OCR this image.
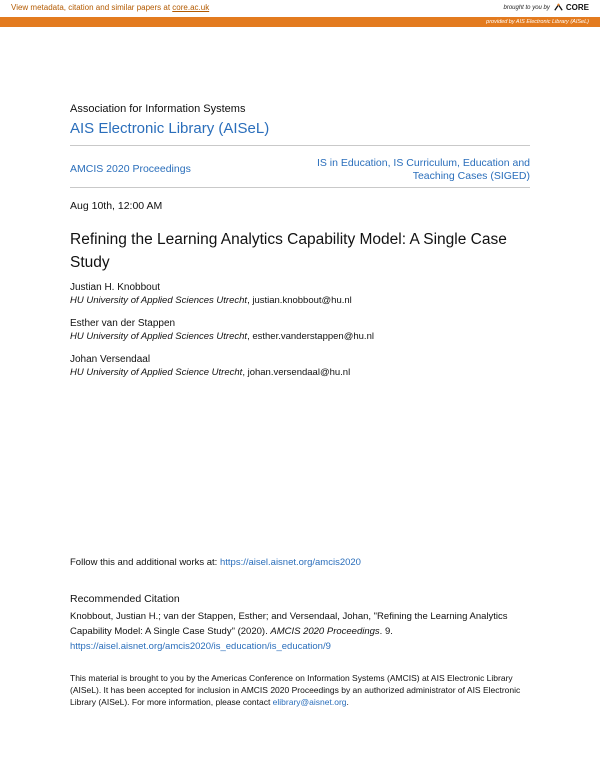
View metadata, citation and similar papers at core.ac.uk	brought to you by CORE
provided by AIS Electronic Library (AISeL)
Association for Information Systems
AIS Electronic Library (AISeL)
AMCIS 2020 Proceedings	IS in Education, IS Curriculum, Education and
Teaching Cases (SIGED)
Aug 10th, 12:00 AM
Refining the Learning Analytics Capability Model: A Single Case Study
Justian H. Knobbout
HU University of Applied Sciences Utrecht, justian.knobbout@hu.nl
Esther van der Stappen
HU University of Applied Sciences Utrecht, esther.vanderstappen@hu.nl
Johan Versendaal
HU University of Applied Science Utrecht, johan.versendaal@hu.nl
Follow this and additional works at: https://aisel.aisnet.org/amcis2020
Recommended Citation
Knobbout, Justian H.; van der Stappen, Esther; and Versendaal, Johan, "Refining the Learning Analytics Capability Model: A Single Case Study" (2020). AMCIS 2020 Proceedings. 9.
https://aisel.aisnet.org/amcis2020/is_education/is_education/9
This material is brought to you by the Americas Conference on Information Systems (AMCIS) at AIS Electronic Library (AISeL). It has been accepted for inclusion in AMCIS 2020 Proceedings by an authorized administrator of AIS Electronic Library (AISeL). For more information, please contact elibrary@aisnet.org.
